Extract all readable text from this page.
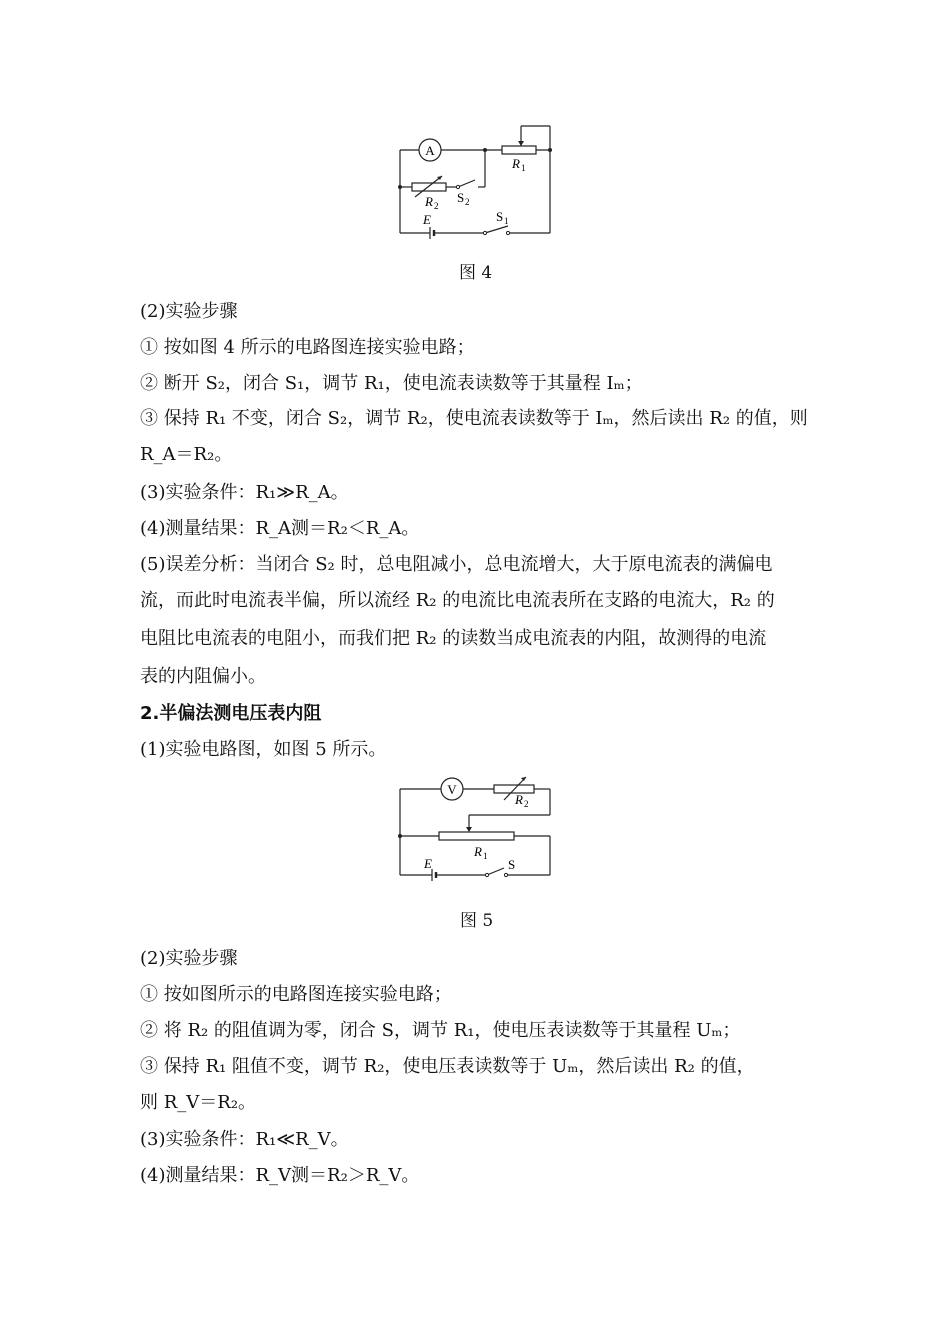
A
R 1
R 2
S 2
E	S 1
图 4
(2)实验步骤
① 按如图 4 所示的电路图连接实验电路；
② 断开 S₂，闭合 S₁，调节 R₁，使电流表读数等于其量程 Iₘ；
③ 保持 R₁ 不变，闭合 S₂，调节 R₂，使电流表读数等于 Iₘ，然后读出 R₂ 的值，则
R_A＝R₂。
(3)实验条件：R₁≫R_A。
(4)测量结果：R_A测＝R₂＜R_A。
(5)误差分析：当闭合 S₂ 时，总电阻减小，总电流增大，大于原电流表的满偏电
流，而此时电流表半偏，所以流经 R₂ 的电流比电流表所在支路的电流大，R₂ 的
电阻比电流表的电阻小，而我们把 R₂ 的读数当成电流表的内阻，故测得的电流
表的内阻偏小。
2.半偏法测电压表内阻
(1)实验电路图，如图 5 所示。
V
R 2
R 1
E	S
图 5
(2)实验步骤
① 按如图所示的电路图连接实验电路；
② 将 R₂ 的阻值调为零，闭合 S，调节 R₁，使电压表读数等于其量程 Uₘ；
③ 保持 R₁ 阻值不变，调节 R₂，使电压表读数等于 Uₘ，然后读出 R₂ 的值，
则 R_V＝R₂。
(3)实验条件：R₁≪R_V。
(4)测量结果：R_V测＝R₂＞R_V。
